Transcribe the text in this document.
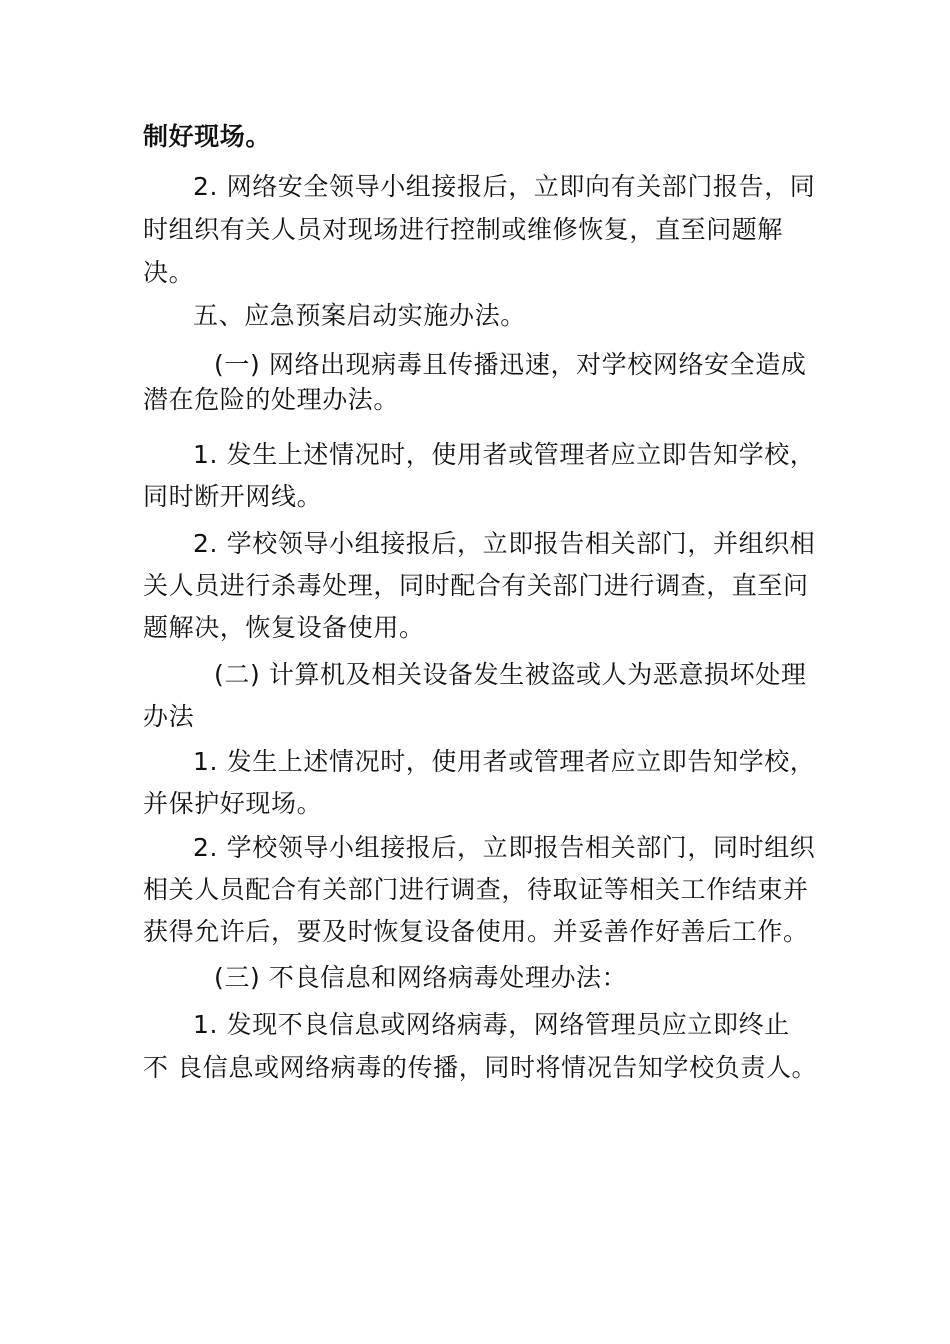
制好现场。
2. 网络安全领导小组接报后，立即向有关部门报告，同
时组织有关人员对现场进行控制或维修恢复，直至问题解
决。
五、应急预案启动实施办法。
(一) 网络出现病毒且传播迅速，对学校网络安全造成
潜在危险的处理办法。
1. 发生上述情况时，使用者或管理者应立即告知学校，
同时断开网线。
2. 学校领导小组接报后，立即报告相关部门，并组织相
关人员进行杀毒处理，同时配合有关部门进行调查，直至问
题解决，恢复设备使用。
(二) 计算机及相关设备发生被盗或人为恶意损坏处理
办法
1. 发生上述情况时，使用者或管理者应立即告知学校，
并保护好现场。
2. 学校领导小组接报后，立即报告相关部门，同时组织
相关人员配合有关部门进行调查，待取证等相关工作结束并
获得允许后，要及时恢复设备使用。并妥善作好善后工作。
(三) 不良信息和网络病毒处理办法：
1. 发现不良信息或网络病毒，网络管理员应立即终止
不 良信息或网络病毒的传播，同时将情况告知学校负责人。
